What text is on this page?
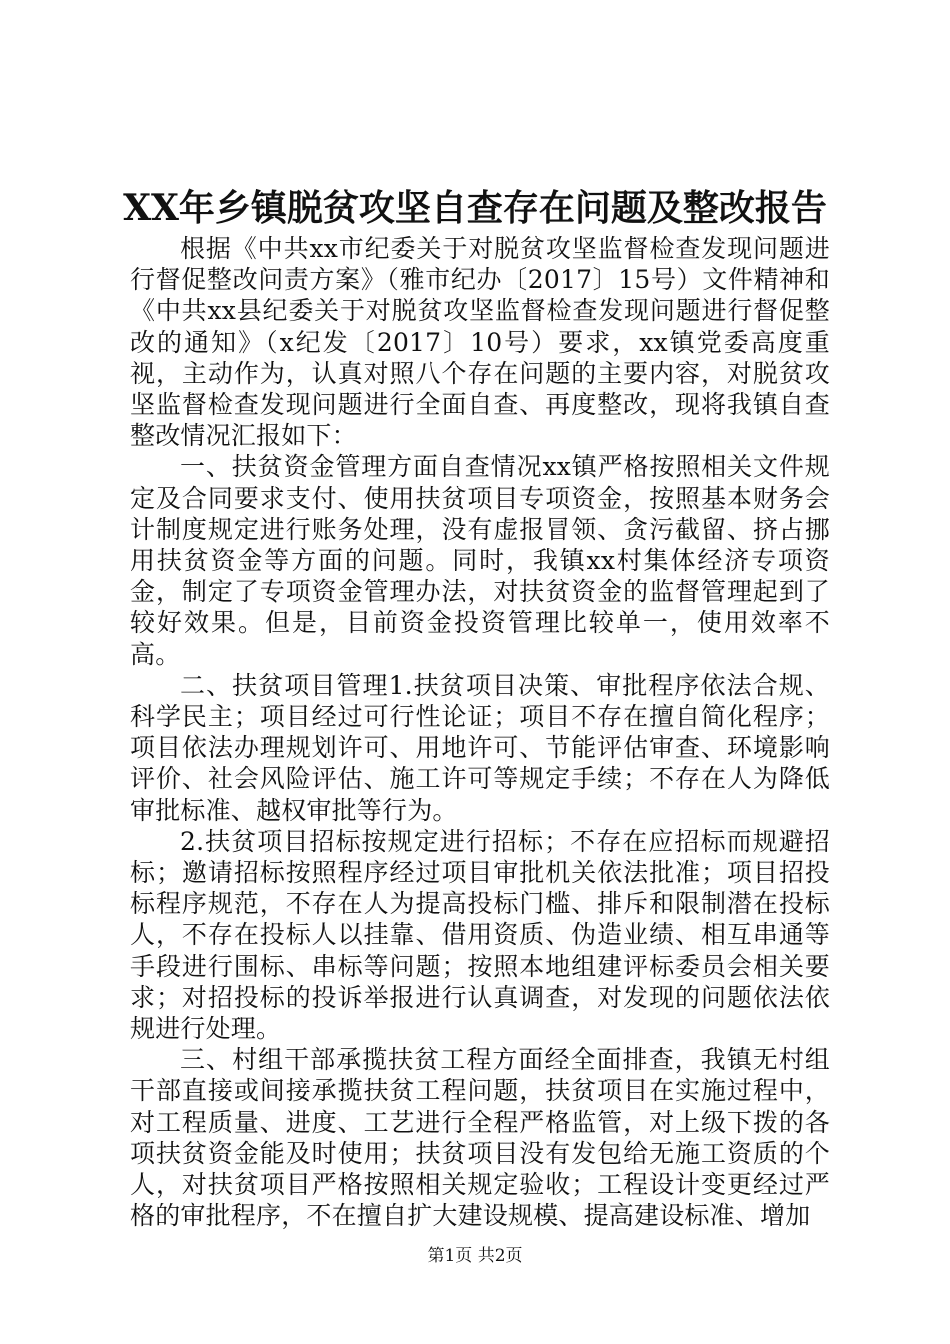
XX年乡镇脱贫攻坚自查存在问题及整改报告

根据《中共xx市纪委关于对脱贫攻坚监督检查发现问题进行督促整改问责方案》（雅市纪办〔2017〕15号）文件精神和《中共xx县纪委关于对脱贫攻坚监督检查发现问题进行督促整改的通知》（x纪发〔2017〕10号）要求，xx镇党委高度重视，主动作为，认真对照八个存在问题的主要内容，对脱贫攻坚监督检查发现问题进行全面自查、再度整改，现将我镇自查整改情况汇报如下：

一、扶贫资金管理方面自查情况xx镇严格按照相关文件规定及合同要求支付、使用扶贫项目专项资金，按照基本财务会计制度规定进行账务处理，没有虚报冒领、贪污截留、挤占挪用扶贫资金等方面的问题。同时，我镇xx村集体经济专项资金，制定了专项资金管理办法，对扶贫资金的监督管理起到了较好效果。但是，目前资金投资管理比较单一，使用效率不高。

二、扶贫项目管理1.扶贫项目决策、审批程序依法合规、科学民主；项目经过可行性论证；项目不存在擅自简化程序；项目依法办理规划许可、用地许可、节能评估审查、环境影响评价、社会风险评估、施工许可等规定手续；不存在人为降低审批标准、越权审批等行为。

2.扶贫项目招标按规定进行招标；不存在应招标而规避招标；邀请招标按照程序经过项目审批机关依法批准；项目招投标程序规范，不存在人为提高投标门槛、排斥和限制潜在投标人，不存在投标人以挂靠、借用资质、伪造业绩、相互串通等手段进行围标、串标等问题；按照本地组建评标委员会相关要求；对招投标的投诉举报进行认真调查，对发现的问题依法依规进行处理。

三、村组干部承揽扶贫工程方面经全面排查，我镇无村组干部直接或间接承揽扶贫工程问题，扶贫项目在实施过程中，对工程质量、进度、工艺进行全程严格监管，对上级下拨的各项扶贫资金能及时使用；扶贫项目没有发包给无施工资质的个人，对扶贫项目严格按照相关规定验收；工程设计变更经过严格的审批程序，不在擅自扩大建设规模、提高建设标准、增加

第1页 共2页
